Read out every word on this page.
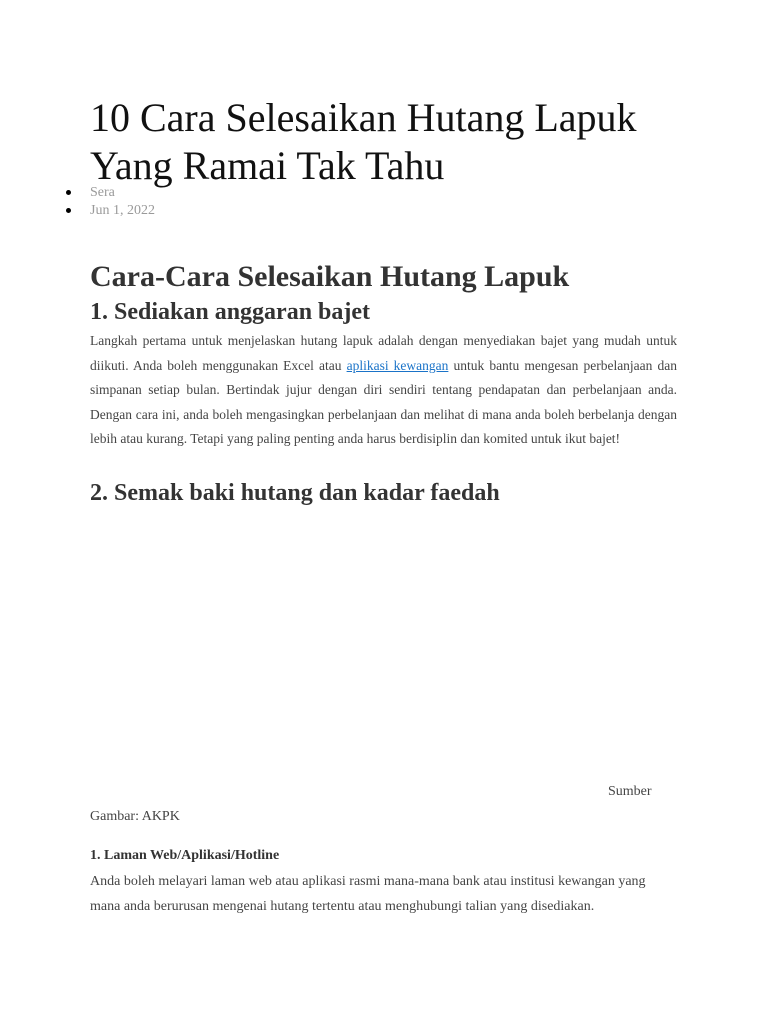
10 Cara Selesaikan Hutang Lapuk Yang Ramai Tak Tahu
Sera
Jun 1, 2022
Cara-Cara Selesaikan Hutang Lapuk
1. Sediakan anggaran bajet

Langkah pertama untuk menjelaskan hutang lapuk adalah dengan menyediakan bajet yang mudah untuk diikuti. Anda boleh menggunakan Excel atau aplikasi kewangan untuk bantu mengesan perbelanjaan dan simpanan setiap bulan. Bertindak jujur dengan diri sendiri tentang pendapatan dan perbelanjaan anda. Dengan cara ini, anda boleh mengasingkan perbelanjaan dan melihat di mana anda boleh berbelanja dengan lebih atau kurang. Tetapi yang paling penting anda harus berdisiplin dan komited untuk ikut bajet!

2. Semak baki hutang dan kadar faedah

Sumber

Gambar: AKPK

1. Laman Web/Aplikasi/Hotline

Anda boleh melayari laman web atau aplikasi rasmi mana-mana bank atau institusi kewangan yang mana anda berurusan mengenai hutang tertentu atau menghubungi talian yang disediakan.
